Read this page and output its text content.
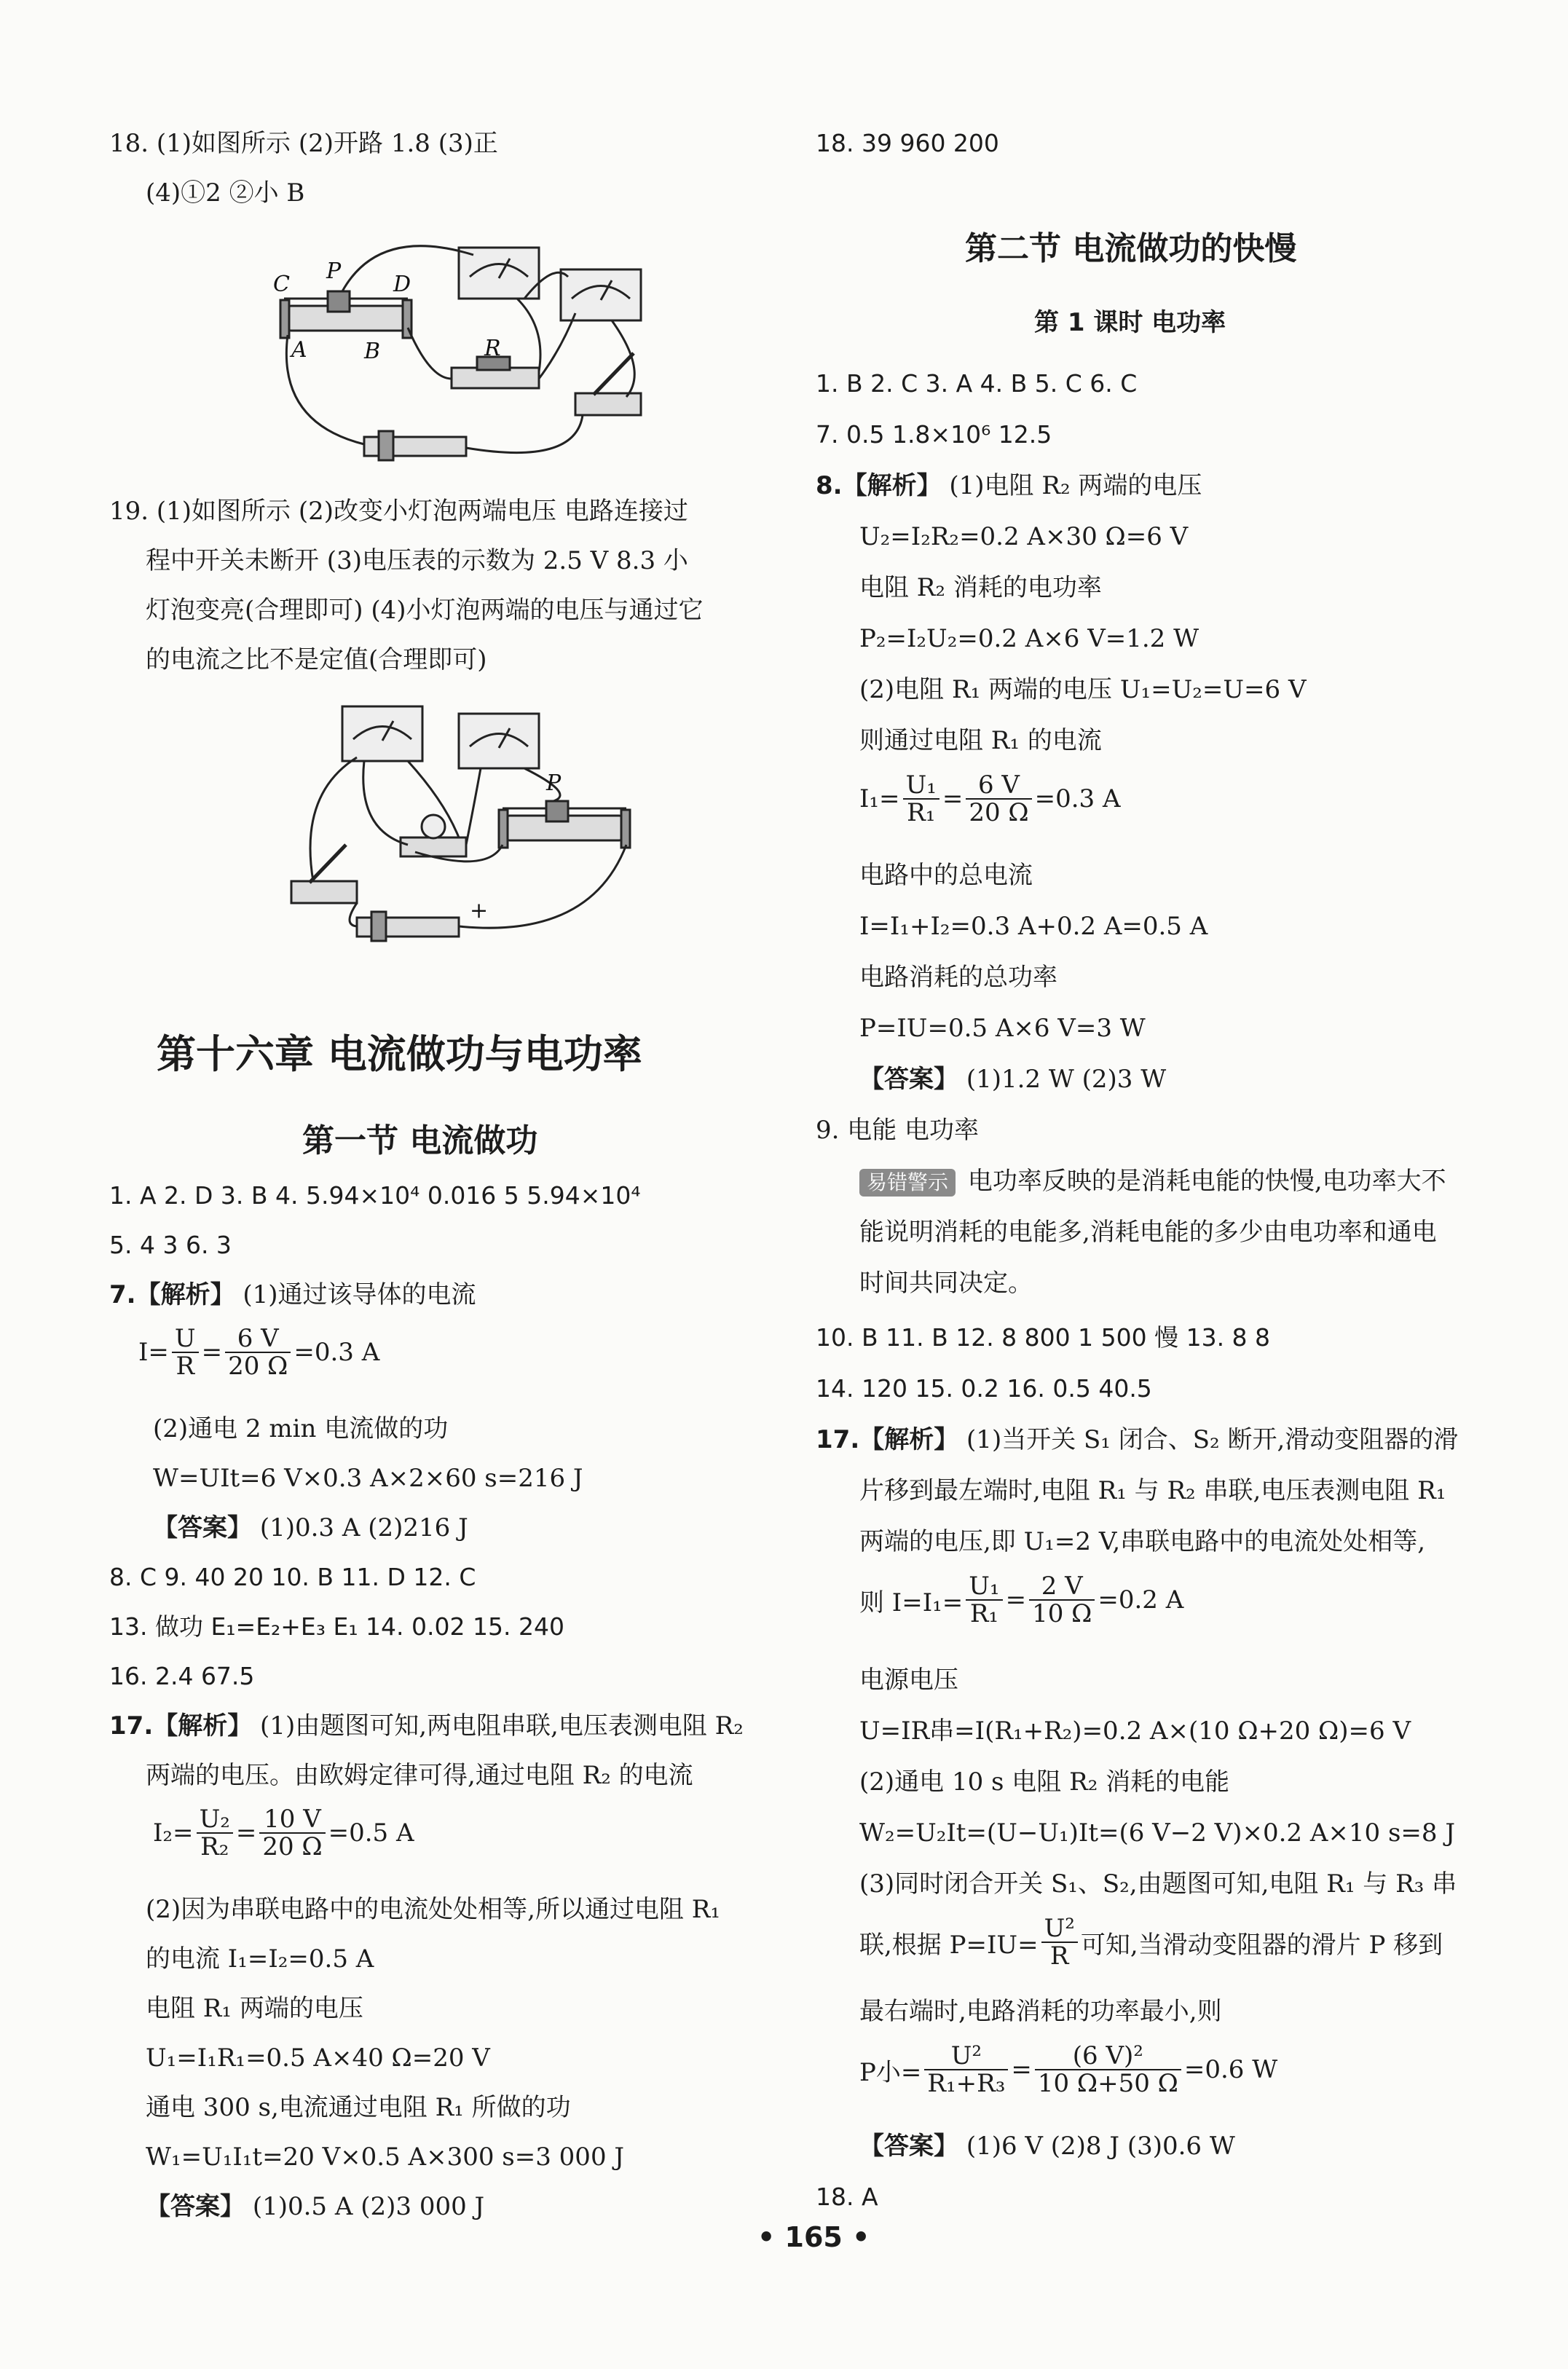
18. (1)如图所示 (2)开路 1.8 (3)正
(4)①2 ②小 B
C
P
D
A	B	R
19. (1)如图所示 (2)改变小灯泡两端电压 电路连接过
程中开关未断开 (3)电压表的示数为 2.5 V 8.3 小
灯泡变亮(合理即可) (4)小灯泡两端的电压与通过它
的电流之比不是定值(合理即可)
P
+
第十六章 电流做功与电功率
第一节 电流做功
1. A 2. D 3. B 4. 5.94×10⁴ 0.016 5 5.94×10⁴
5. 4 3 6. 3
7.【解析】 (1)通过该导体的电流
$I= \frac{U}{R} = \frac{6 V}{20 \Omega} =0.3$ A
(2)通电 2 min 电流做的功
W=UIt=6 V×0.3 A×2×60 s=216 J
【答案】 (1)0.3 A (2)216 J
8. C 9. 40 20 10. B 11. D 12. C
13. 做功 E₁=E₂+E₃ E₁ 14. 0.02 15. 240
16. 2.4 67.5
17.【解析】 (1)由题图可知,两电阻串联,电压表测电阻 R₂
两端的电压。由欧姆定律可得,通过电阻 R₂ 的电流
$I_2= \frac{\text{U₂}}{\text{R₂}} = \frac{10 V}{20 \Omega} =0.5$ A
(2)因为串联电路中的电流处处相等,所以通过电阻 R₁
的电流 I₁=I₂=0.5 A
电阻 R₁ 两端的电压
U₁=I₁R₁=0.5 A×40 Ω=20 V
通电 300 s,电流通过电阻 R₁ 所做的功
W₁=U₁I₁t=20 V×0.5 A×300 s=3 000 J
【答案】 (1)0.5 A (2)3 000 J
18. 39 960 200
第二节 电流做功的快慢
第 1 课时 电功率
1. B 2. C 3. A 4. B 5. C 6. C
7. 0.5 1.8×10⁶ 12.5
8.【解析】 (1)电阻 R₂ 两端的电压
U₂=I₂R₂=0.2 A×30 Ω=6 V
电阻 R₂ 消耗的电功率
P₂=I₂U₂=0.2 A×6 V=1.2 W
(2)电阻 R₁ 两端的电压 U₁=U₂=U=6 V
则通过电阻 R₁ 的电流
$I_1= \frac{\text{U₁}}{\text{R₁}} = \frac{6 V}{20 \Omega} =0.3$ A
电路中的总电流
I=I₁+I₂=0.3 A+0.2 A=0.5 A
电路消耗的总功率
P=IU=0.5 A×6 V=3 W
【答案】 (1)1.2 W (2)3 W
9. 电能 电功率
易错警示 电功率反映的是消耗电能的快慢,电功率大不
能说明消耗的电能多,消耗电能的多少由电功率和通电
时间共同决定。
10. B 11. B 12. 8 800 1 500 慢 13. 8 8
14. 120 15. 0.2 16. 0.5 40.5
17.【解析】 (1)当开关 S₁ 闭合、S₂ 断开,滑动变阻器的滑
片移到最左端时,电阻 R₁ 与 R₂ 串联,电压表测电阻 R₁
两端的电压,即 U₁=2 V,串联电路中的电流处处相等,
则 $I=I_1= \frac{\text{U₁}}{\text{R₁}} = \frac{2 V}{10 \Omega} =0.2$ A
电源电压
U=IR串=I(R₁+R₂)=0.2 A×(10 Ω+20 Ω)=6 V
(2)通电 10 s 电阻 R₂ 消耗的电能
W₂=U₂It=(U−U₁)It=(6 V−2 V)×0.2 A×10 s=8 J
(3)同时闭合开关 S₁、S₂,由题图可知,电阻 R₁ 与 R₃ 串
联,根据 $P=IU= \frac{\text{U²}}{R}$ 可知,当滑动变阻器的滑片 P 移到
最右端时,电路消耗的功率最小,则
P小= $\frac{\text{U²}}{\text{R₁+R₃}} = \frac{\text{(6 V)²}}{10 \Omega+50 \Omega} =0.6$ W
【答案】 (1)6 V (2)8 J (3)0.6 W
18. A
• 165 •
